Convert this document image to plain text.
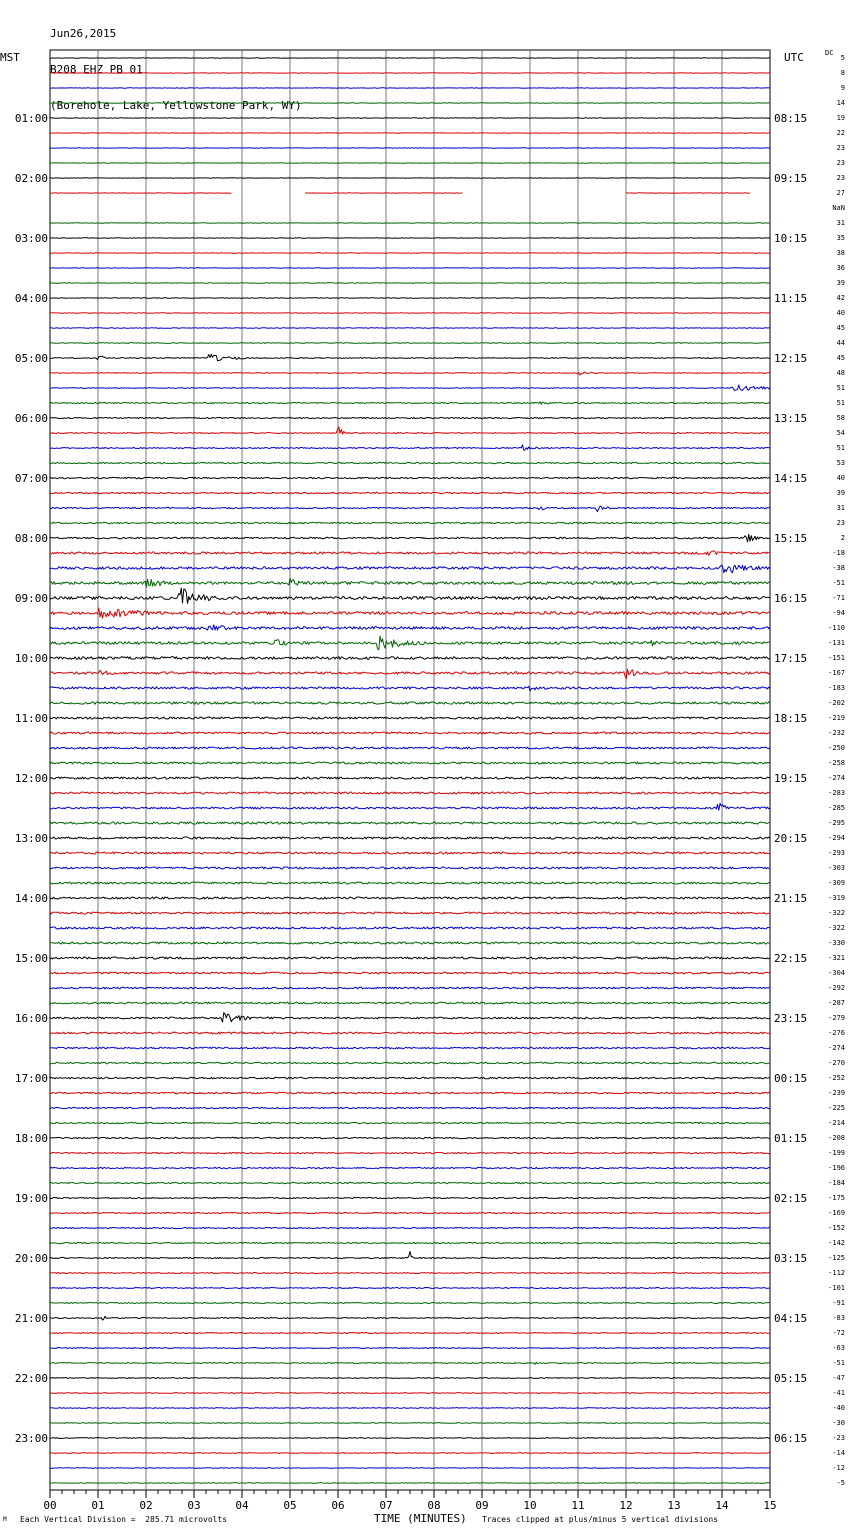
Jun26,2015

B208 EHZ PB 01

(Borehole, Lake, Yellowstone Park, WY)

MST	UTC	DC
00	01	02	03	04	05	06	07	08	09	10	11	12	13	14	15
01:00
02:00
03:00
04:00
05:00
06:00
07:00
08:00
09:00
10:00
11:00
12:00
13:00
14:00
15:00
16:00
17:00
18:00
19:00
20:00
21:00
22:00
23:00
08:15
09:15
10:15
11:15
12:15
13:15
14:15
15:15
16:15
17:15
18:15
19:15
20:15
21:15
22:15
23:15
00:15
01:15
02:15
03:15
04:15
05:15
06:15
5
8
9
14
19
22
23
23
23
27
NaN
31
35
38
36
39
42
40
45
44
45
48
51
51
58
54
51
53
40
39
31
23
2
-18
-38
-51
-71
-94
-110
-131
-151
-167
-183
-202
-219
-232
-250
-258
-274
-283
-285
-295
-294
-293
-303
-309
-319
-322
-322
-330
-321
-304
-292
-287
-279
-276
-274
-270
-252
-239
-225
-214
-208
-199
-196
-184
-175
-169
-152
-142
-125
-112
-101
-91
-83
-72
-63
-51
-47
-41
-40
-30
-23
-14
-12
-5
M Each Vertical Division =  285.71 microvolts	TIME (MINUTES) Traces clipped at plus/minus 5 vertical divisions
